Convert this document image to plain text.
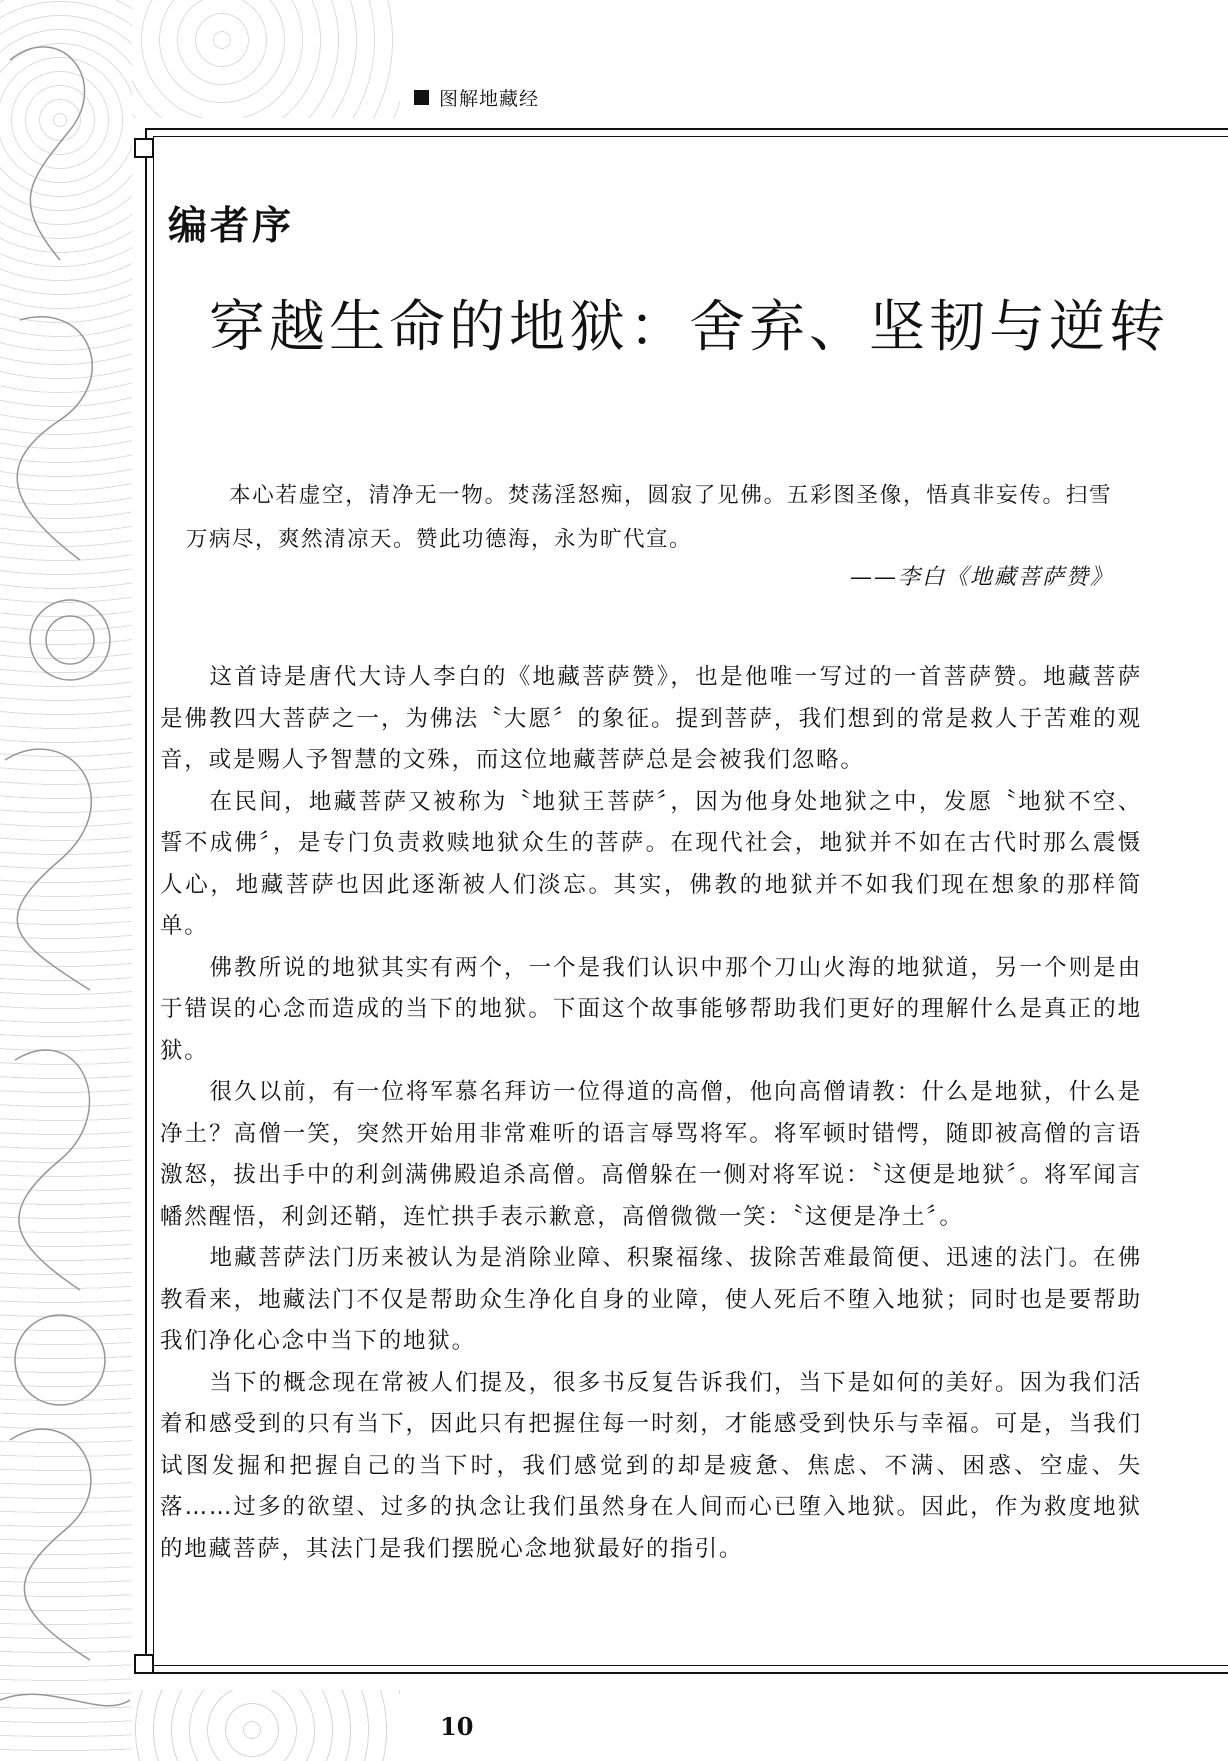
图解地藏经
编者序
穿越生命的地狱：舍弃、坚韧与逆转
本心若虚空，清净无一物。焚荡淫怒痴，圆寂了见佛。五彩图圣像，悟真非妄传。扫雪万病尽，爽然清凉天。赞此功德海，永为旷代宣。
——李白《地藏菩萨赞》

这首诗是唐代大诗人李白的《地藏菩萨赞》，也是他唯一写过的一首菩萨赞。地藏菩萨是佛教四大菩萨之一，为佛法〝大愿〞的象征。提到菩萨，我们想到的常是救人于苦难的观音，或是赐人予智慧的文殊，而这位地藏菩萨总是会被我们忽略。

在民间，地藏菩萨又被称为〝地狱王菩萨〞，因为他身处地狱之中，发愿〝地狱不空、誓不成佛〞，是专门负责救赎地狱众生的菩萨。在现代社会，地狱并不如在古代时那么震慑人心，地藏菩萨也因此逐渐被人们淡忘。其实，佛教的地狱并不如我们现在想象的那样简单。

佛教所说的地狱其实有两个，一个是我们认识中那个刀山火海的地狱道，另一个则是由于错误的心念而造成的当下的地狱。下面这个故事能够帮助我们更好的理解什么是真正的地狱。

很久以前，有一位将军慕名拜访一位得道的高僧，他向高僧请教：什么是地狱，什么是净土？高僧一笑，突然开始用非常难听的语言辱骂将军。将军顿时错愕，随即被高僧的言语激怒，拔出手中的利剑满佛殿追杀高僧。高僧躲在一侧对将军说：〝这便是地狱〞。将军闻言幡然醒悟，利剑还鞘，连忙拱手表示歉意，高僧微微一笑：〝这便是净土〞。

地藏菩萨法门历来被认为是消除业障、积聚福缘、拔除苦难最简便、迅速的法门。在佛教看来，地藏法门不仅是帮助众生净化自身的业障，使人死后不堕入地狱；同时也是要帮助我们净化心念中当下的地狱。

当下的概念现在常被人们提及，很多书反复告诉我们，当下是如何的美好。因为我们活着和感受到的只有当下，因此只有把握住每一时刻，才能感受到快乐与幸福。可是，当我们试图发掘和把握自己的当下时，我们感觉到的却是疲惫、焦虑、不满、困惑、空虚、失落……过多的欲望、过多的执念让我们虽然身在人间而心已堕入地狱。因此，作为救度地狱的地藏菩萨，其法门是我们摆脱心念地狱最好的指引。

10
